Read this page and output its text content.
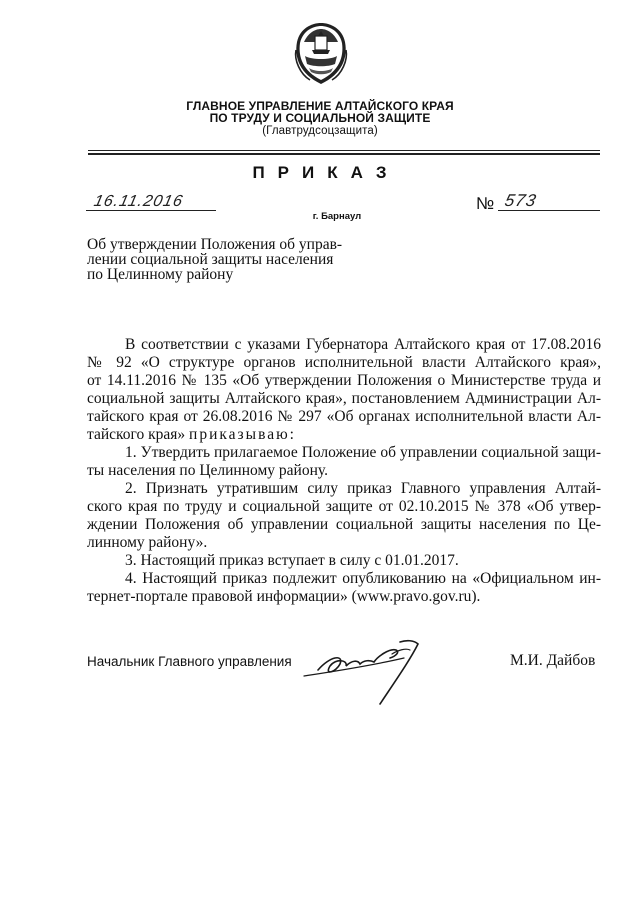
ГЛАВНОЕ УПРАВЛЕНИЕ АЛТАЙСКОГО КРАЯ
ПО ТРУДУ И СОЦИАЛЬНОЙ ЗАЩИТЕ
(Главтрудсоцзащита)
ПРИКАЗ
16.11.2016	№ 573
г. Барнаул
Об утверждении Положения об управ-
лении социальной защиты населения
по Целинному району
В соответствии с указами Губернатора Алтайского края от 17.08.2016
№ 92 «О структуре органов исполнительной власти Алтайского края»,
от 14.11.2016 № 135 «Об утверждении Положения о Министерстве труда и
социальной защиты Алтайского края», постановлением Администрации Ал-
тайского края от 26.08.2016 № 297 «Об органах исполнительной власти Ал-
тайского края» приказываю:
1. Утвердить прилагаемое Положение об управлении социальной защи-
ты населения по Целинному району.
2. Признать утратившим силу приказ Главного управления Алтай-
ского края по труду и социальной защите от 02.10.2015 № 378 «Об утвер-
ждении Положения об управлении социальной защиты населения по Це-
линному району».
3. Настоящий приказ вступает в силу с 01.01.2017.
4. Настоящий приказ подлежит опубликованию на «Официальном ин-
тернет-портале правовой информации» (www.pravo.gov.ru).
Начальник Главного управления	М.И. Дайбов
